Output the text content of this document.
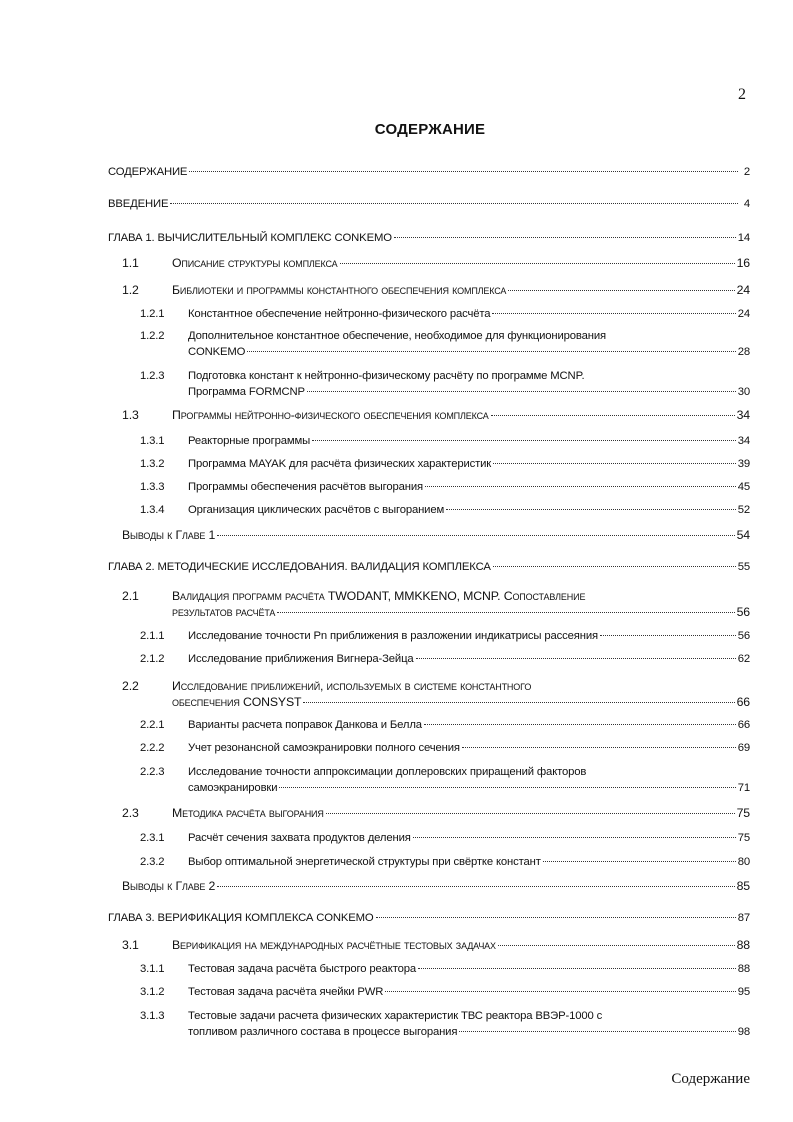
2
СОДЕРЖАНИЕ
СОДЕРЖАНИЕ	2
ВВЕДЕНИЕ	4
ГЛАВА 1. ВЫЧИСЛИТЕЛЬНЫЙ КОМПЛЕКС CONKEMO	14
1.1	Описание структуры комплекса	16
1.2	Библиотеки и программы константного обеспечения комплекса	24
1.2.1 Константное обеспечение нейтронно-физического расчёта	24
1.2.2 Дополнительное константное обеспечение, необходимое для функционирования
CONKEMO	28
1.2.3 Подготовка констант к нейтронно-физическому расчёту по программе MCNP.
Программа FORMCNP	30
1.3	Программы нейтронно-физического обеспечения комплекса	34
1.3.1 Реакторные программы	34
1.3.2 Программа MAYAK для расчёта физических характеристик	39
1.3.3 Программы обеспечения расчётов выгорания	45
1.3.4 Организация циклических расчётов с выгоранием	52
Выводы к Главе 1	54
ГЛАВА 2. МЕТОДИЧЕСКИЕ ИССЛЕДОВАНИЯ. ВАЛИДАЦИЯ КОМПЛЕКСА	55
2.1	Валидация программ расчёта TWODANT, MMKKENO, MCNP. Сопоставление
результатов расчёта	56
2.1.1 Исследование точности Pn приближения в разложении индикатрисы рассеяния	56
2.1.2 Исследование приближения Вигнера-Зейца	62
2.2	Исследование приближений, используемых в системе константного
обеспечения CONSYST	66
2.2.1 Варианты расчета поправок Данкова и Белла	66
2.2.2 Учет резонансной самоэкранировки полного сечения	69
2.2.3 Исследование точности аппроксимации доплеровских приращений факторов
самоэкранировки	71
2.3	Методика расчёта выгорания	75
2.3.1 Расчёт сечения захвата продуктов деления	75
2.3.2 Выбор оптимальной энергетической структуры при свёртке констант	80
Выводы к Главе 2	85
ГЛАВА 3. ВЕРИФИКАЦИЯ КОМПЛЕКСА CONKEMO	87
3.1	Верификация на международных расчётные тестовых задачах	88
3.1.1 Тестовая задача расчёта быстрого реактора	88
3.1.2 Тестовая задача расчёта ячейки PWR	95
3.1.3 Тестовые задачи расчета физических характеристик ТВС реактора ВВЭР-1000 с
топливом различного состава в процессе выгорания	98
Содержание
